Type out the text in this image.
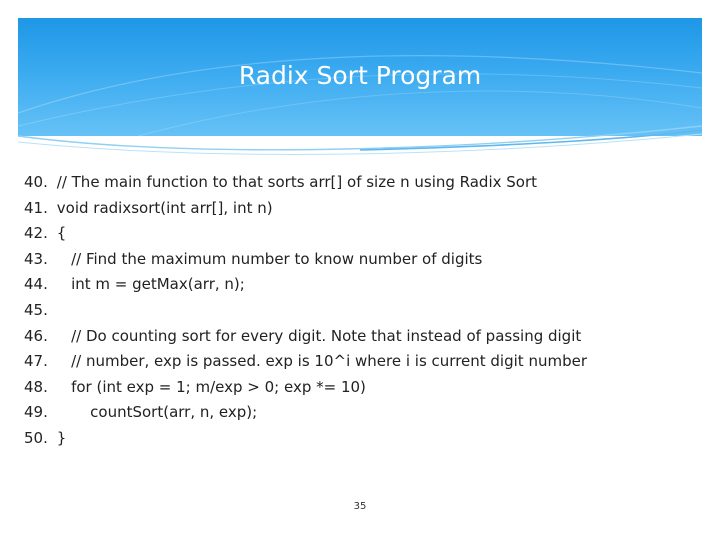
Radix Sort Program
40. // The main function to that sorts arr[] of size n using Radix Sort
41. void radixsort(int arr[], int n)
42. {
43.    // Find the maximum number to know number of digits
44.    int m = getMax(arr, n);
45.
46.    // Do counting sort for every digit. Note that instead of passing digit
47.    // number, exp is passed. exp is 10^i where i is current digit number
48.    for (int exp = 1; m/exp > 0; exp *= 10)
49.        countSort(arr, n, exp);
50. }
35
